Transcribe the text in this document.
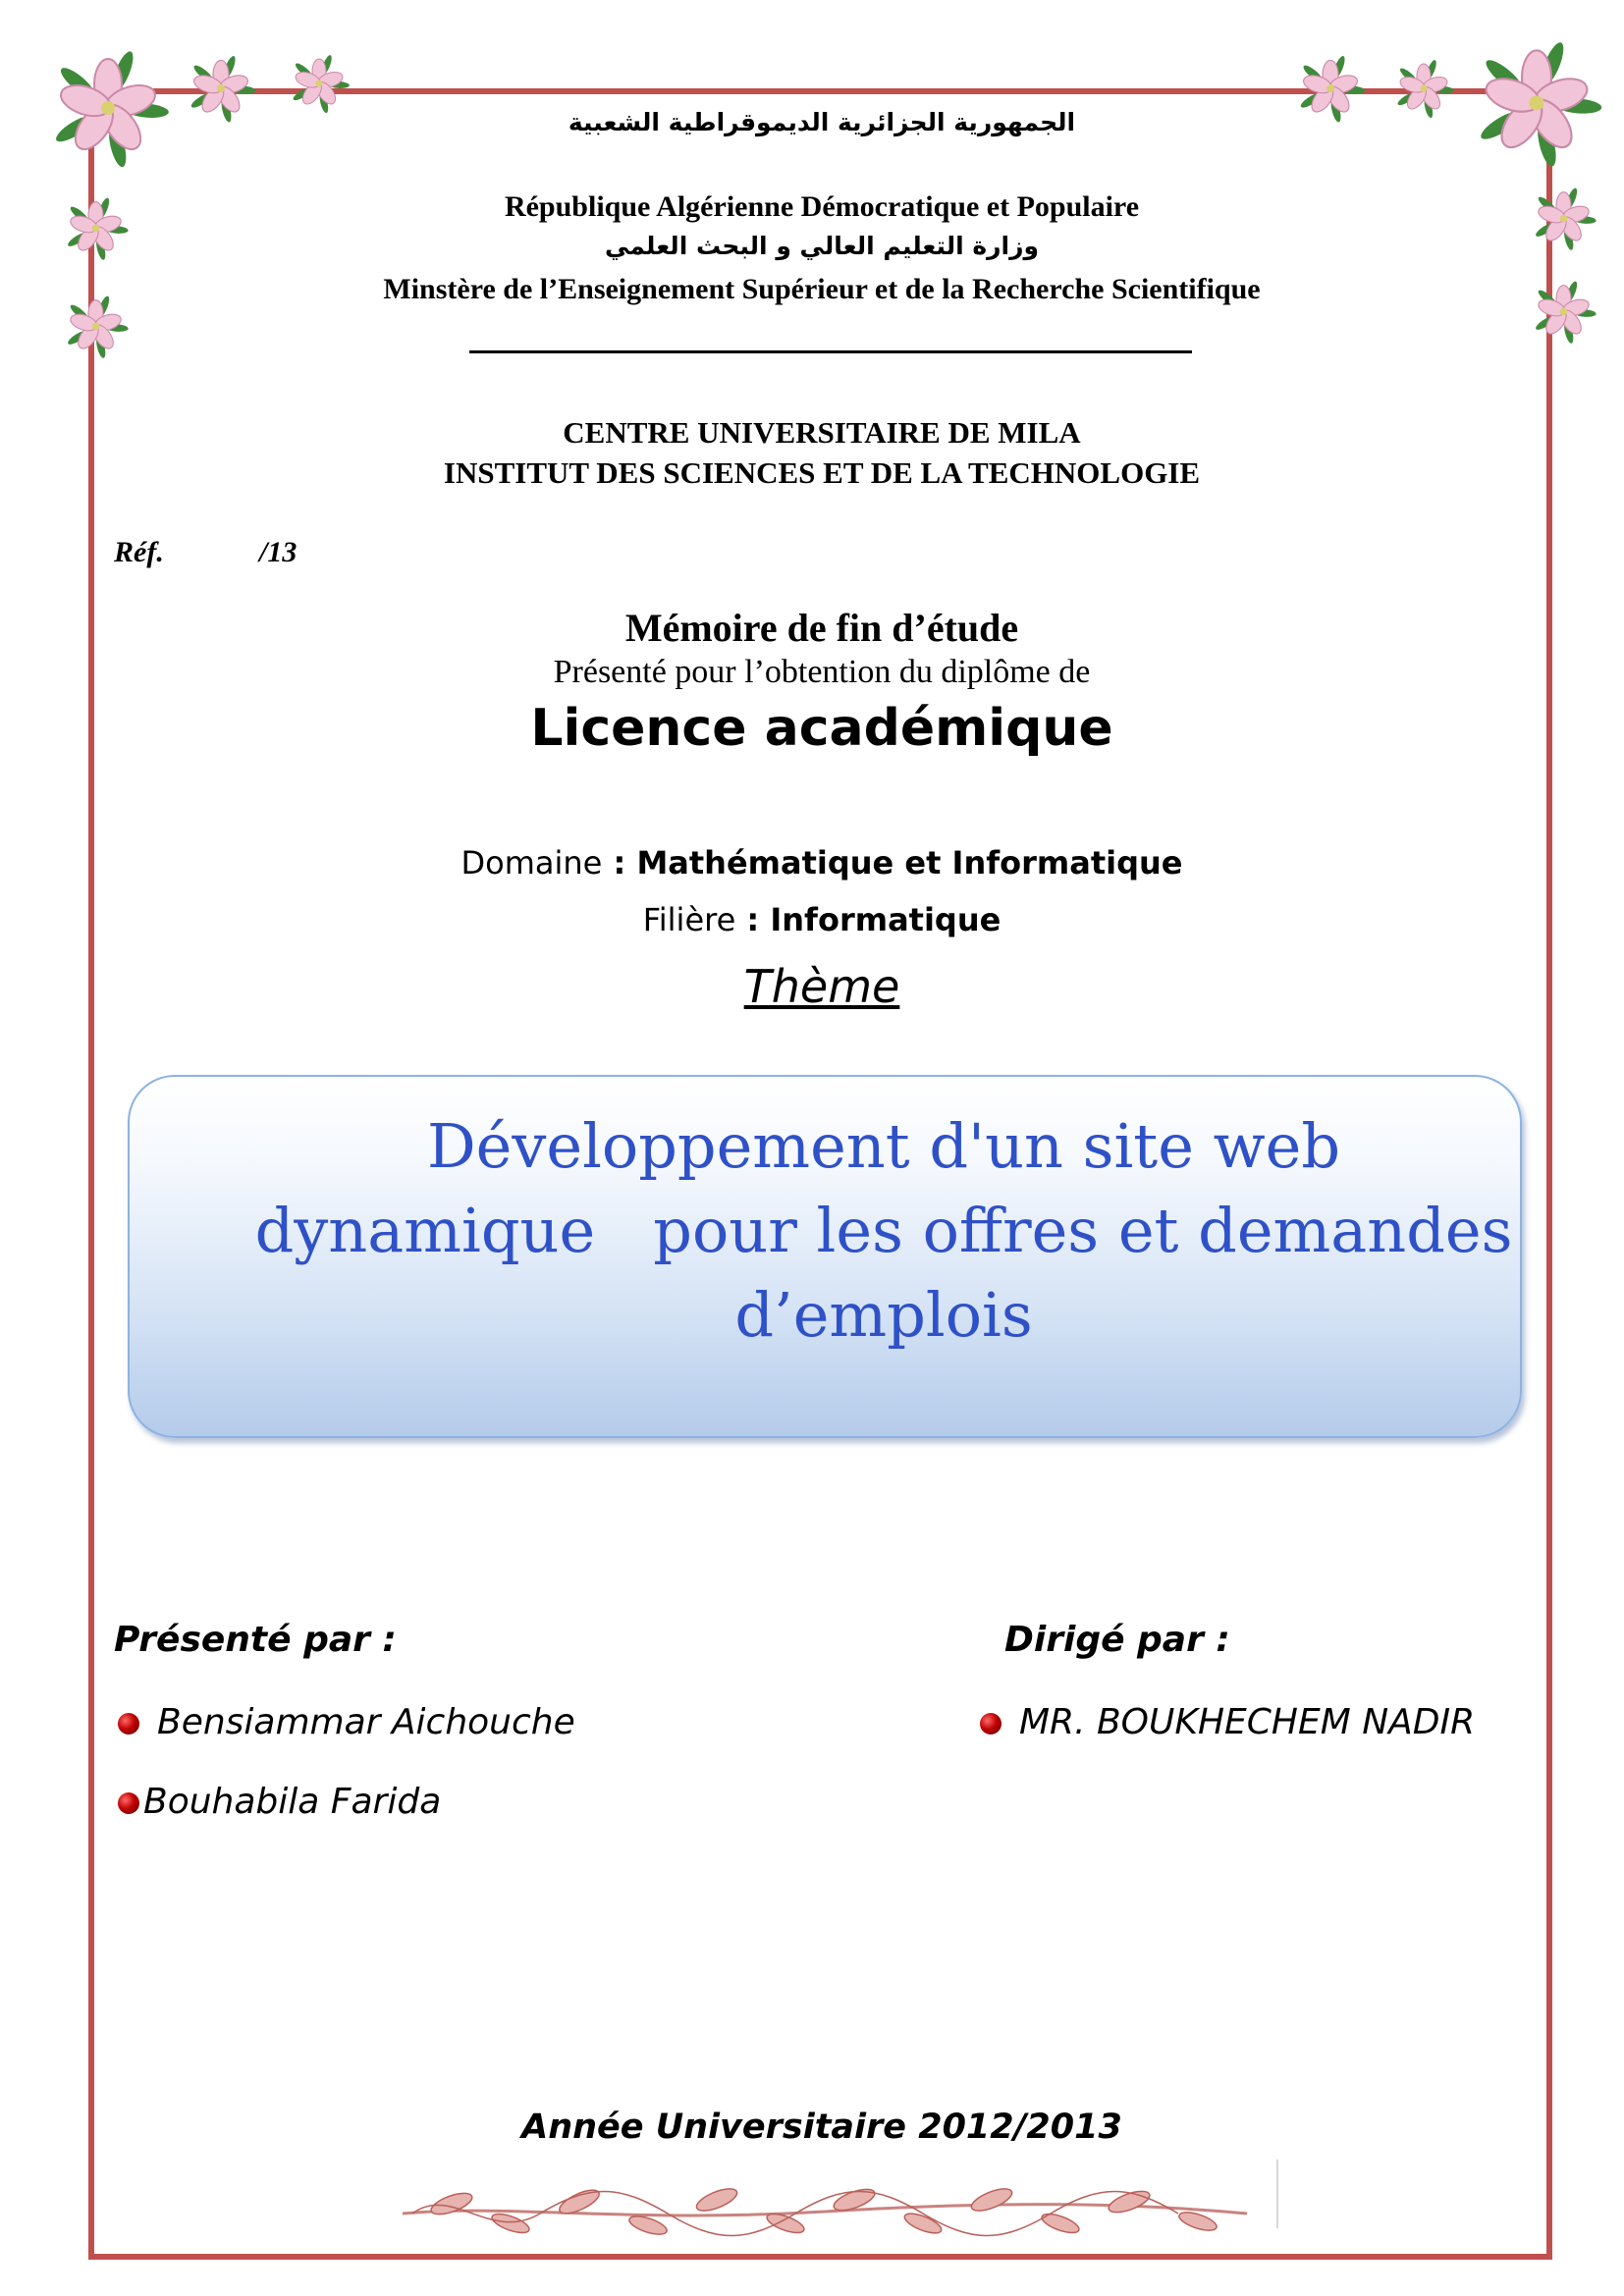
الجمهورية الجزائرية الديموقراطية الشعبية
République Algérienne Démocratique et Populaire
وزارة التعليم العالي و البحث العلمي
Minstère de l’Enseignement Supérieur et de la Recherche Scientifique
CENTRE UNIVERSITAIRE DE MILA
INSTITUT DES SCIENCES ET DE LA TECHNOLOGIE
Réf.	/13
Mémoire de fin d’étude
Présenté pour l’obtention du diplôme de
Licence académique
Domaine : Mathématique et Informatique
Filière : Informatique
Thème
Développement d'un site web
dynamique   pour les offres et demandes
d’emplois
Présenté par :	Dirigé par :
Bensiammar Aichouche
Bouhabila Farida
MR. BOUKHECHEM NADIR
Année Universitaire 2012/2013
